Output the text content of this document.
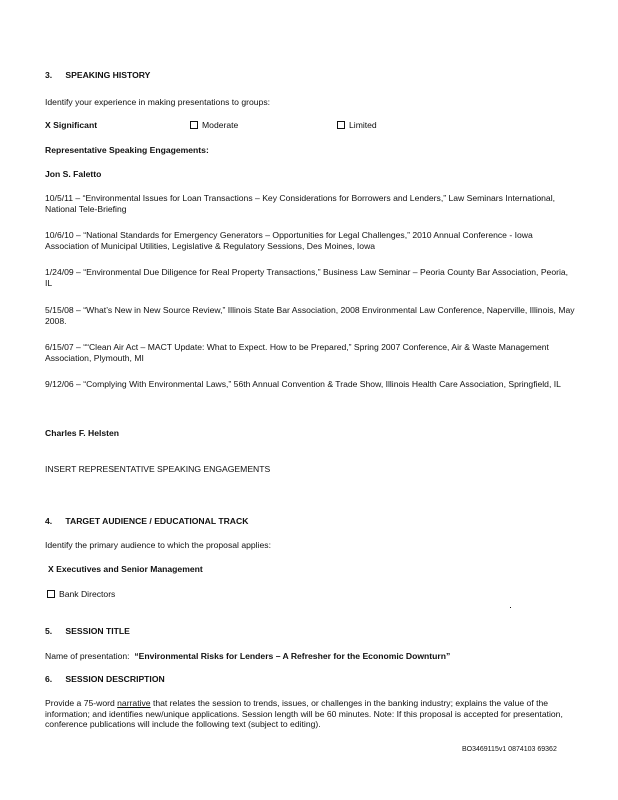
3. SPEAKING HISTORY
Identify your experience in making presentations to groups:
X Significant	Moderate	Limited
Representative Speaking Engagements:
Jon S. Faletto
10/5/11 – “Environmental Issues for Loan Transactions – Key Considerations for Borrowers and Lenders,” Law Seminars International, National Tele-Briefing
10/6/10 – “National Standards for Emergency Generators – Opportunities for Legal Challenges,” 2010 Annual Conference - Iowa Association of Municipal Utilities, Legislative & Regulatory Sessions, Des Moines, Iowa
1/24/09 – “Environmental Due Diligence for Real Property Transactions,” Business Law Seminar – Peoria County Bar Association, Peoria, IL
5/15/08 – “What’s New in New Source Review,” Illinois State Bar Association, 2008 Environmental Law Conference, Naperville, Illinois, May 2008.
6/15/07 – ““Clean Air Act – MACT Update: What to Expect. How to be Prepared,” Spring 2007 Conference, Air & Waste Management Association, Plymouth, MI
9/12/06 – “Complying With Environmental Laws,” 56th Annual Convention & Trade Show, Illinois Health Care Association, Springfield, IL
Charles F. Helsten
INSERT REPRESENTATIVE SPEAKING ENGAGEMENTS
4. TARGET AUDIENCE / EDUCATIONAL TRACK
Identify the primary audience to which the proposal applies:
X Executives and Senior Management
Bank Directors
5. SESSION TITLE
Name of presentation: “Environmental Risks for Lenders – A Refresher for the Economic Downturn”
6. SESSION DESCRIPTION
Provide a 75-word narrative that relates the session to trends, issues, or challenges in the banking industry; explains the value of the information; and identifies new/unique applications. Session length will be 60 minutes. Note: If this proposal is accepted for presentation, conference publications will include the following text (subject to editing).
BO3469115v1 0874103 69362
